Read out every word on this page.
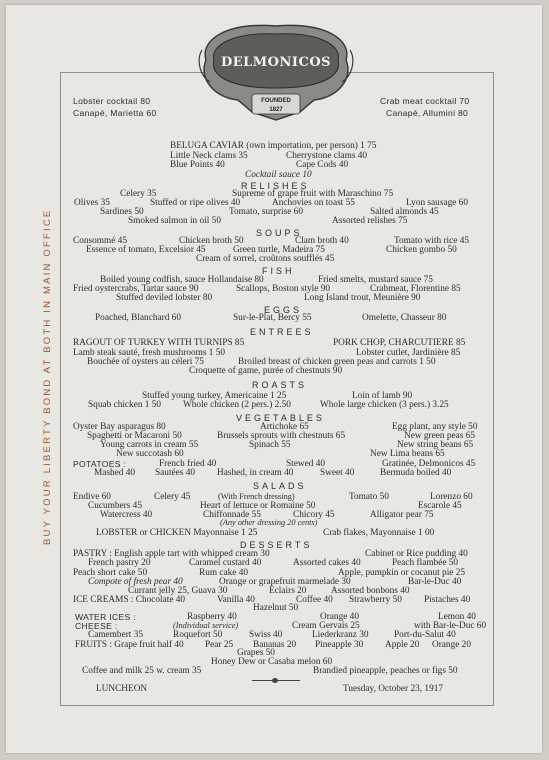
BUY YOUR LIBERTY BOND AT BOTH IN MAIN OFFICE
DELMONICOS
FOUNDED
1827
Lobster cocktail 80
Canapé, Marietta 60
Crab meat cocktail 70
Canapé, Allumini 80
BELUGA CAVIAR (own importation, per person) 1 75
Little Neck clams 35	Cherrystone clams 40
Blue Points 40	Cape Cods 40
Cocktail sauce 10
RELISHES
Celery 35	Supreme of grape fruit with Maraschino 75
Olives 35	Stuffed or ripe olives 40	Anchovies on toast 55	Lyon sausage 60
Sardines 50	Tomato, surprise 60	Salted almonds 45
Smoked salmon in oil 50	Assorted relishes 75
SOUPS
Consommé 45	Chicken broth 50	Clam broth 40	Tomato with rice 45
Essence of tomato, Excelsior 45	Green turtle, Madeira 75	Chicken gombo 50
Cream of sorrel, croûtons soufflés 45
FISH
Boiled young codfish, sauce Hollandaise 80	Fried smelts, mustard sauce 75
Fried oystercrabs, Tartar sauce 90	Scallops, Boston style 90	Crabmeat, Florentine 85
Stuffed deviled lobster 80	Long Island trout, Meunière 90
EGGS
Poached, Blanchard 60	Sur-le-Plat, Bercy 55	Omelette, Chasseur 80
ENTREES
RAGOUT OF TURKEY WITH TURNIPS 85	PORK CHOP, CHARCUTIERE 85
Lamb steak sauté, fresh mushrooms 1 50	Lobster cutlet, Jardinière 85
Bouchée of oysters au céleri 75	Broiled breast of chicken green peas and carrots 1 50
Croquette of game, purée of chestnuts 90
ROASTS
Stuffed young turkey, Americaine 1 25	Loin of lamb 90
Squab chicken 1 50 Whole chicken (2 pers.) 2.50	Whole large chicken (3 pers.) 3.25
VEGETABLES
Oyster Bay asparagus 80	Artichoke 65	Egg plant, any style 50
Spaghetti or Macaroni 50	Brussels sprouts with chestnuts 65	New green peas 65
Young carrots in cream 55	Spinach 55	New string beans 65
New succotash 60	New Lima beans 65
POTATOES :	French fried 40	Stewed 40	Gratinée, Delmonicos 45
Mashed 40 Sautées 40 Hashed, in cream 40	Sweet 40	Bermuda boiled 40
SALADS
Endive 60	Celery 45	(With French dressing)	Tomato 50	Lorenzo 60
Cucumbers 45	Heart of lettuce or Romaine 50	Escarole 45
Watercress 40	Chiffonnade 55	Chicory 45	Alligator pear 75
(Any other dressing 20 cents)
LOBSTER or CHICKEN Mayonnaise 1 25	Crab flakes, Mayonnaise 1 00
DESSERTS
PASTRY : English apple tart with whipped cream 30	Cabinet or Rice pudding 40
French pastry 20	Caramel custard 40	Assorted cakes 40	Peach flambée 50
Peach short cake 50	Rum cake 40	Apple, pumpkin or cocanut pie 25
Compote of fresh pear 40	Orange or grapefruit marmelade 30	Bar-le-Duc 40
Currant jelly 25, Guava 30	Eclairs 20	Assorted bonbons 40
ICE CREAMS : Chocolate 40	Vanilla 40	Coffee 40 Strawberry 50 Pistaches 40
Hazelnut 50
WATER ICES :	Raspberry 40	Orange 40	Lemon 40
CHEESE :	(Individual service)	Cream Gervais 25	with Bar-le-Duc 60
Camembert 35	Roquefort 50	Swiss 40	Liederkranz 30	Port-du-Salut 40
FRUITS : Grape fruit half 40 Pear 25 Bananas 20 Pineapple 30 Apple 20 Orange 20
Grapes 50
Honey Dew or Casaba melon 60
Coffee and milk 25 w. cream 35	Brandied pineapple, peaches or figs 50
LUNCHEON	Tuesday, October 23, 1917
